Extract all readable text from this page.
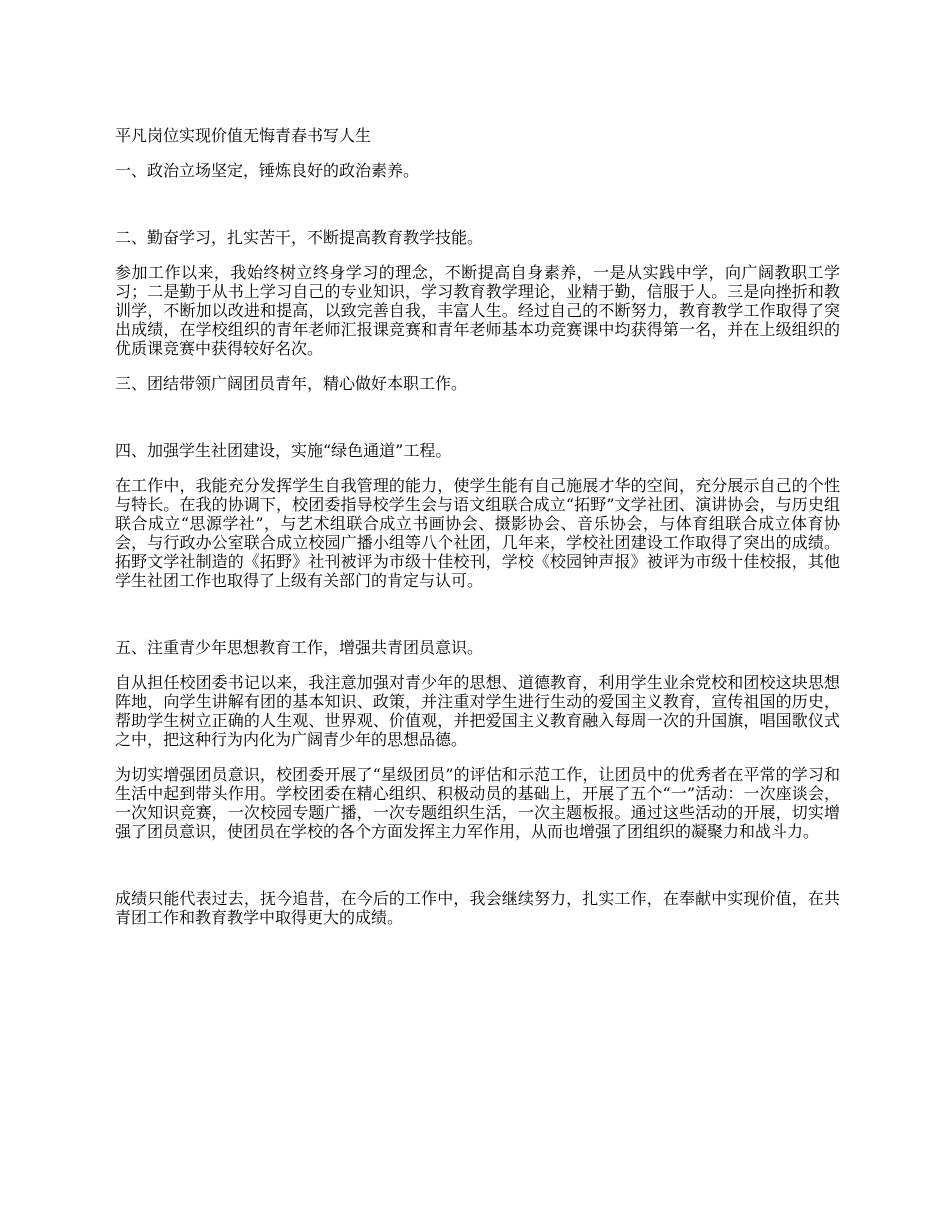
平凡岗位实现价值无悔青春书写人生

一、政治立场坚定，锤炼良好的政治素养。

二、勤奋学习，扎实苦干，不断提高教育教学技能。

参加工作以来，我始终树立终身学习的理念，不断提高自身素养，一是从实践中学，向广阔教职工学习；二是勤于从书上学习自己的专业知识，学习教育教学理论，业精于勤，信服于人。三是向挫折和教训学，不断加以改进和提高，以致完善自我，丰富人生。经过自己的不断努力，教育教学工作取得了突出成绩，在学校组织的青年老师汇报课竞赛和青年老师基本功竞赛课中均获得第一名，并在上级组织的优质课竞赛中获得较好名次。

三、团结带领广阔团员青年，精心做好本职工作。

四、加强学生社团建设，实施“绿色通道”工程。

在工作中，我能充分发挥学生自我管理的能力，使学生能有自己施展才华的空间，充分展示自己的个性与特长。在我的协调下，校团委指导校学生会与语文组联合成立“拓野”文学社团、演讲协会，与历史组联合成立“思源学社”，与艺术组联合成立书画协会、摄影协会、音乐协会，与体育组联合成立体育协会，与行政办公室联合成立校园广播小组等八个社团，几年来，学校社团建设工作取得了突出的成绩。拓野文学社制造的《拓野》社刊被评为市级十佳校刊，学校《校园钟声报》被评为市级十佳校报，其他学生社团工作也取得了上级有关部门的肯定与认可。

五、注重青少年思想教育工作，增强共青团员意识。

自从担任校团委书记以来，我注意加强对青少年的思想、道德教育，利用学生业余党校和团校这块思想阵地，向学生讲解有团的基本知识、政策，并注重对学生进行生动的爱国主义教育，宣传祖国的历史，帮助学生树立正确的人生观、世界观、价值观，并把爱国主义教育融入每周一次的升国旗，唱国歌仪式之中，把这种行为内化为广阔青少年的思想品德。

为切实增强团员意识，校团委开展了“星级团员”的评估和示范工作，让团员中的优秀者在平常的学习和生活中起到带头作用。学校团委在精心组织、积极动员的基础上，开展了五个“一”活动：一次座谈会，一次知识竞赛，一次校园专题广播，一次专题组织生活，一次主题板报。通过这些活动的开展，切实增强了团员意识，使团员在学校的各个方面发挥主力军作用，从而也增强了团组织的凝聚力和战斗力。

成绩只能代表过去，抚今追昔，在今后的工作中，我会继续努力，扎实工作，在奉献中实现价值，在共青团工作和教育教学中取得更大的成绩。
